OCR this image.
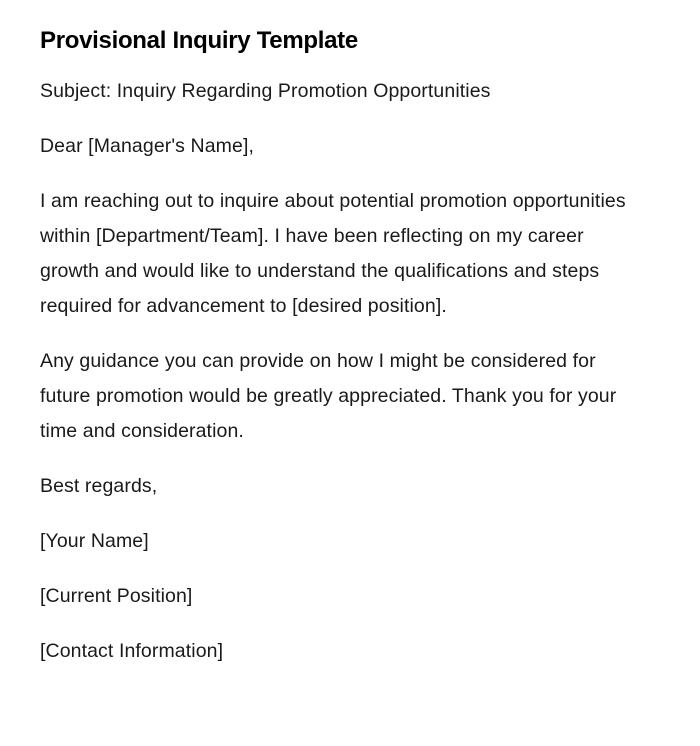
Provisional Inquiry Template

Subject: Inquiry Regarding Promotion Opportunities

Dear [Manager's Name],

I am reaching out to inquire about potential promotion opportunities within [Department/Team]. I have been reflecting on my career growth and would like to understand the qualifications and steps required for advancement to [desired position].

Any guidance you can provide on how I might be considered for future promotion would be greatly appreciated. Thank you for your time and consideration.

Best regards,

[Your Name]

[Current Position]

[Contact Information]
